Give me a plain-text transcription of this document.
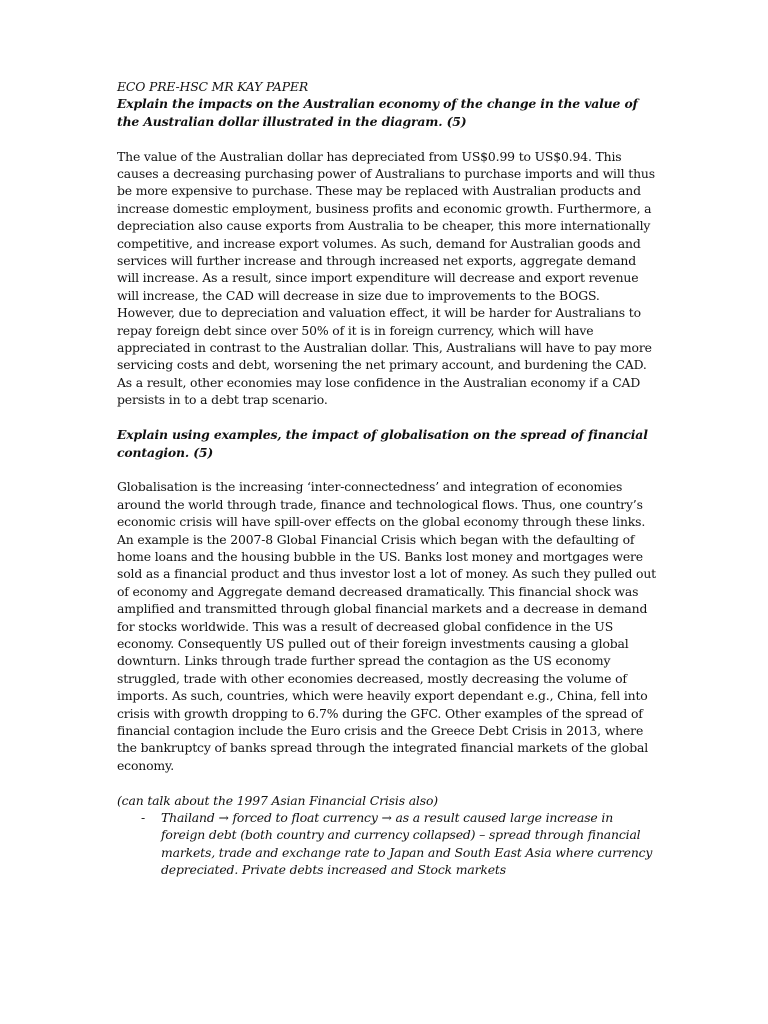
ECO PRE-HSC MR KAY PAPER

Explain the impacts on the Australian economy of the change in the value of the Australian dollar illustrated in the diagram. (5)

The value of the Australian dollar has depreciated from US$0.99 to US$0.94. This causes a decreasing purchasing power of Australians to purchase imports and will thus be more expensive to purchase. These may be replaced with Australian products and increase domestic employment, business profits and economic growth. Furthermore, a depreciation also cause exports from Australia to be cheaper, this more internationally competitive, and increase export volumes. As such, demand for Australian goods and services will further increase and through increased net exports, aggregate demand will increase. As a result, since import expenditure will decrease and export revenue will increase, the CAD will decrease in size due to improvements to the BOGS. However, due to depreciation and valuation effect, it will be harder for Australians to repay foreign debt since over 50% of it is in foreign currency, which will have appreciated in contrast to the Australian dollar. This, Australians will have to pay more servicing costs and debt, worsening the net primary account, and burdening the CAD. As a result, other economies may lose confidence in the Australian economy if a CAD persists in to a debt trap scenario.

Explain using examples, the impact of globalisation on the spread of financial contagion. (5)

Globalisation is the increasing ‘inter-connectedness’ and integration of economies around the world through trade, finance and technological flows. Thus, one country’s economic crisis will have spill-over effects on the global economy through these links. An example is the 2007-8 Global Financial Crisis which began with the defaulting of home loans and the housing bubble in the US. Banks lost money and mortgages were sold as a financial product and thus investor lost a lot of money. As such they pulled out of economy and Aggregate demand decreased dramatically. This financial shock was amplified and transmitted through global financial markets and a decrease in demand for stocks worldwide. This was a result of decreased global confidence in the US economy. Consequently US pulled out of their foreign investments causing a global downturn. Links through trade further spread the contagion as the US economy struggled, trade with other economies decreased, mostly decreasing the volume of imports. As such, countries, which were heavily export dependant e.g., China, fell into crisis with growth dropping to 6.7% during the GFC. Other examples of the spread of financial contagion include the Euro crisis and the Greece Debt Crisis in 2013, where the bankruptcy of banks spread through the integrated financial markets of the global economy.

(can talk about the 1997 Asian Financial Crisis also)

-	Thailand → forced to float currency → as a result caused large increase in foreign debt (both country and currency collapsed) – spread through financial markets, trade and exchange rate to Japan and South East Asia where currency depreciated. Private debts increased and Stock markets
